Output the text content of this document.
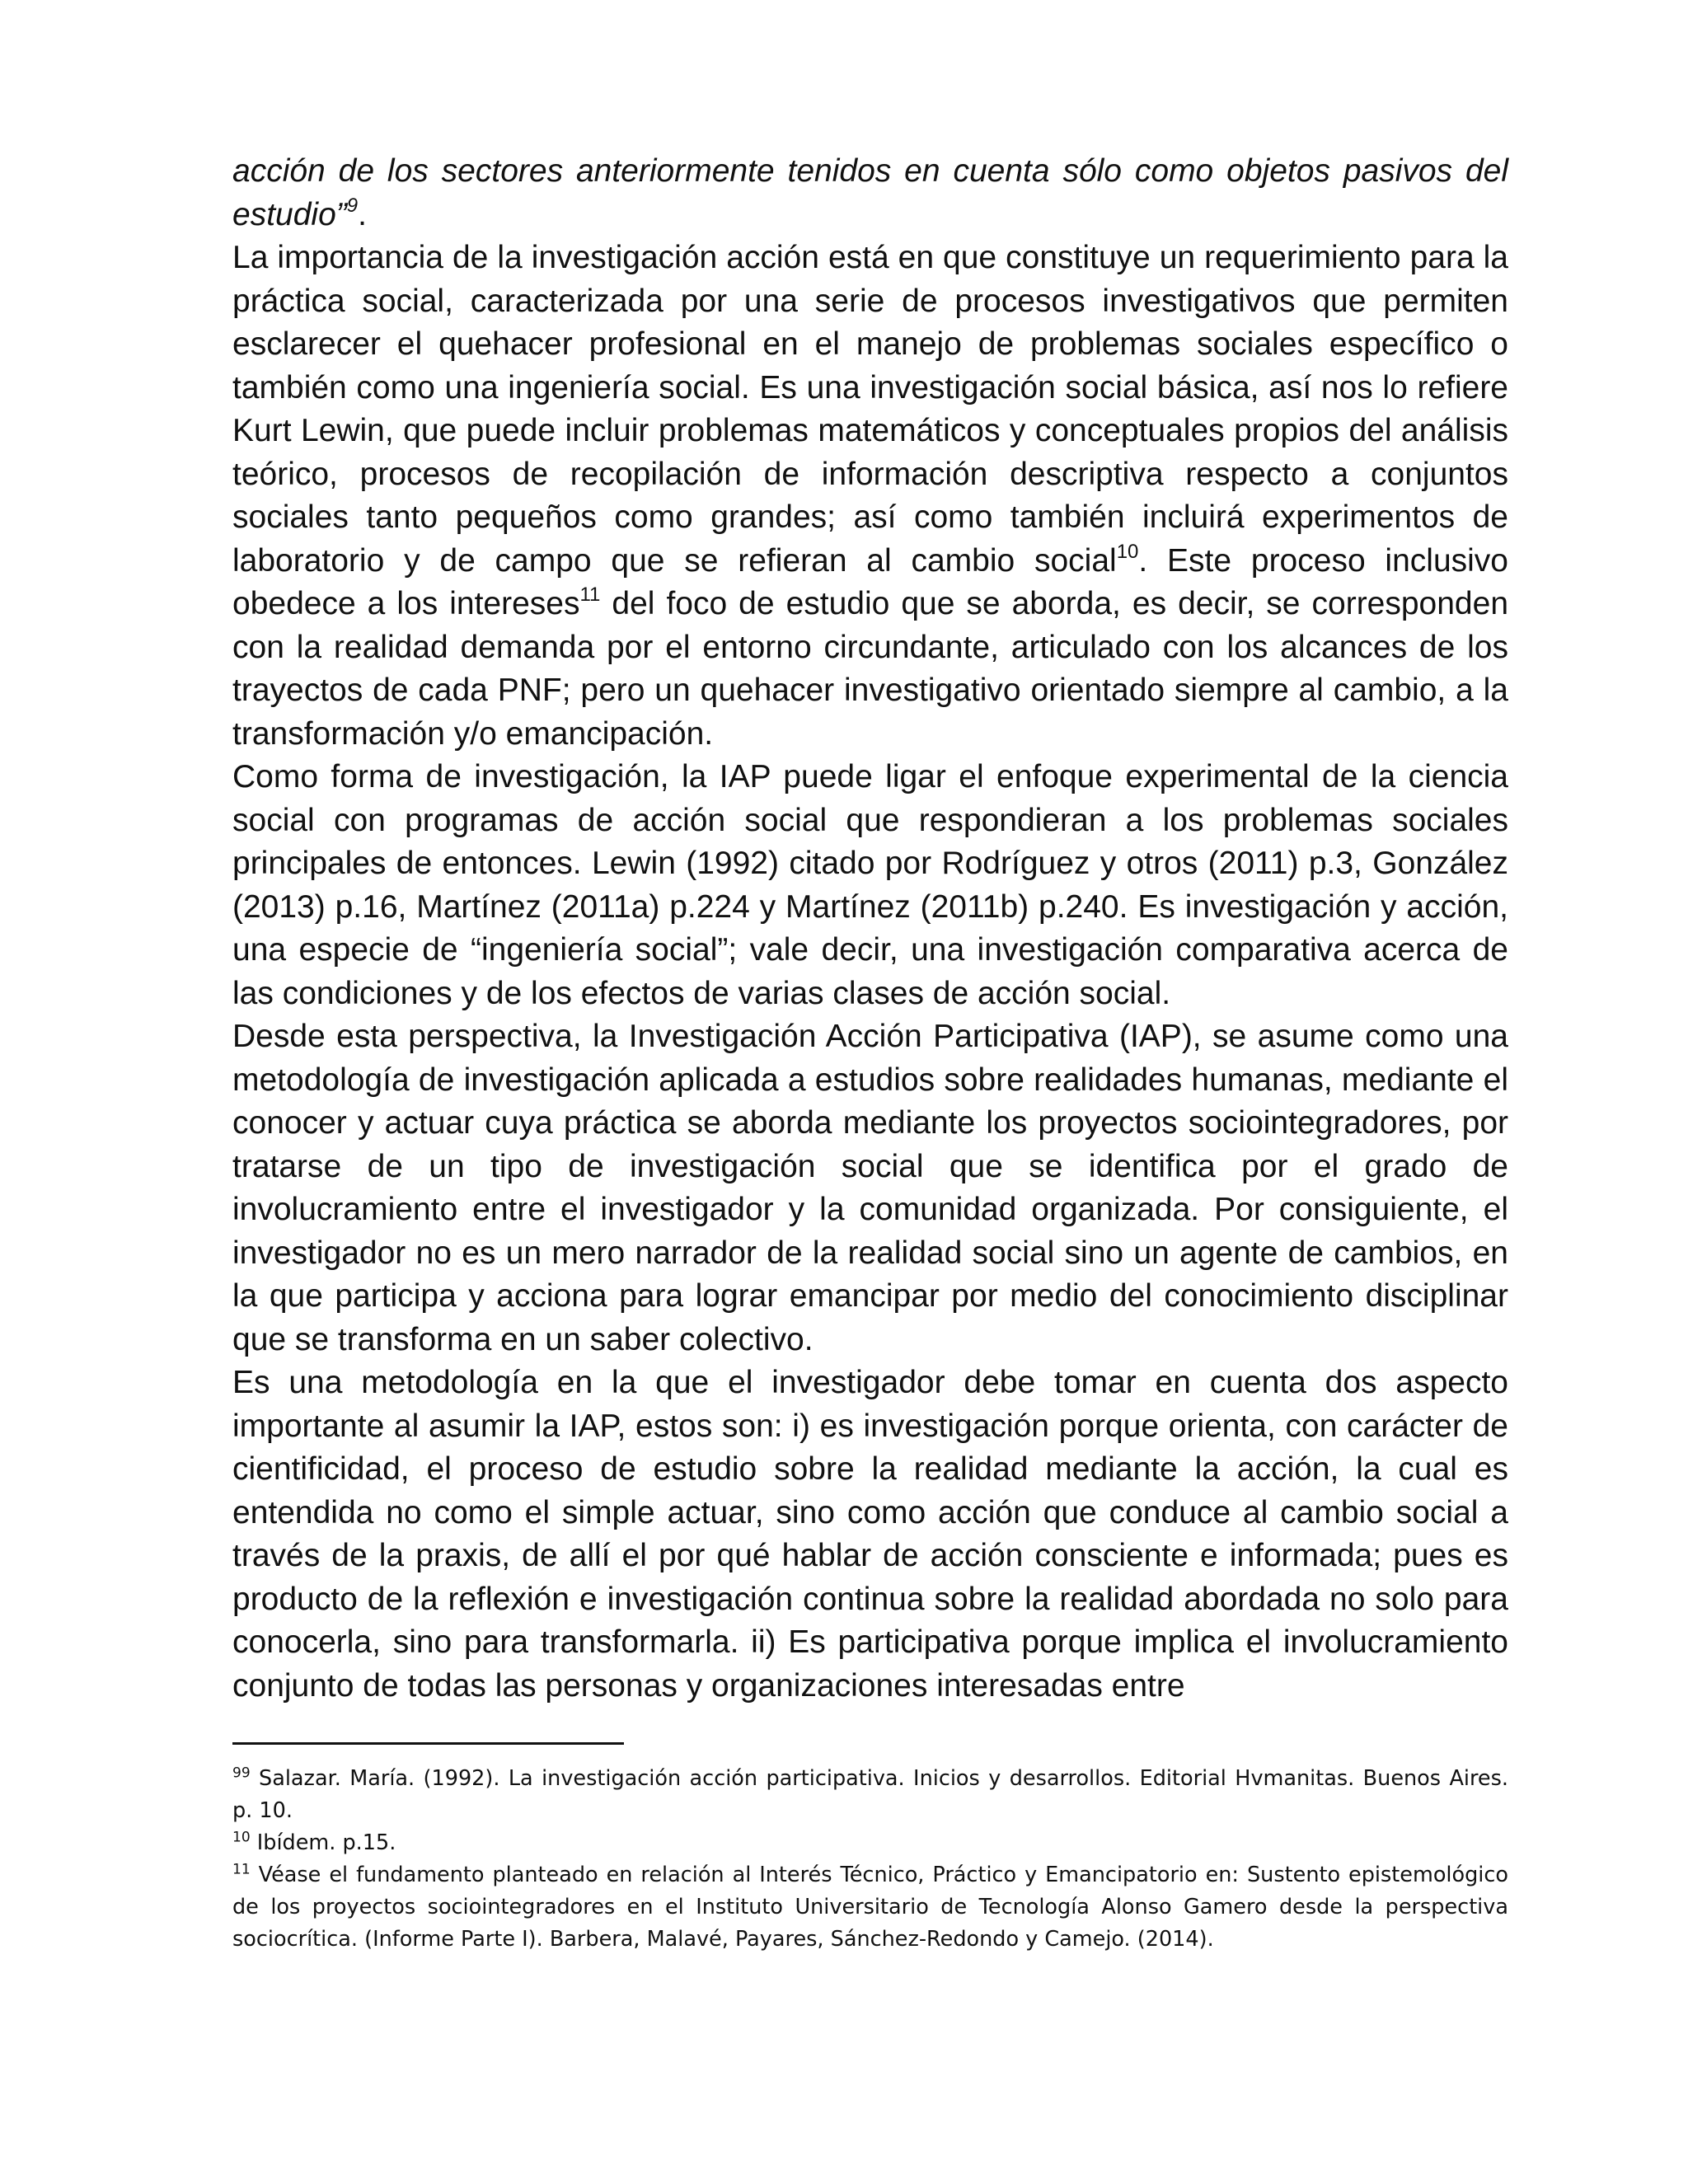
acción de los sectores anteriormente tenidos en cuenta sólo como objetos pasivos del estudio”$^9$.

La importancia de la investigación acción está en que constituye un requerimiento para la práctica social, caracterizada por una serie de procesos investigativos que permiten esclarecer el quehacer profesional en el manejo de problemas sociales específico o también como una ingeniería social. Es una investigación social básica, así nos lo refiere Kurt Lewin, que puede incluir problemas matemáticos y conceptuales propios del análisis teórico, procesos de recopilación de información descriptiva respecto a conjuntos sociales tanto pequeños como grandes; así como también incluirá experimentos de laboratorio y de campo que se refieran al cambio social$^{10}$. Este proceso inclusivo obedece a los intereses$^{11}$ del foco de estudio que se aborda, es decir, se corresponden con la realidad demanda por el entorno circundante, articulado con los alcances de los trayectos de cada PNF; pero un quehacer investigativo orientado siempre al cambio, a la transformación y/o emancipación.

Como forma de investigación, la IAP puede ligar el enfoque experimental de la ciencia social con programas de acción social que respondieran a los problemas sociales principales de entonces. Lewin (1992) citado por Rodríguez y otros (2011) p.3, González (2013) p.16, Martínez (2011a) p.224 y Martínez (2011b) p.240. Es investigación y acción, una especie de “ingeniería social”; vale decir, una investigación comparativa acerca de las condiciones y de los efectos de varias clases de acción social.

Desde esta perspectiva, la Investigación Acción Participativa (IAP), se asume como una metodología de investigación aplicada a estudios sobre realidades humanas, mediante el conocer y actuar cuya práctica se aborda mediante los proyectos sociointegradores, por tratarse de un tipo de investigación social que se identifica por el grado de involucramiento entre el investigador y la comunidad organizada. Por consiguiente, el investigador no es un mero narrador de la realidad social sino un agente de cambios, en la que participa y acciona para lograr emancipar por medio del conocimiento disciplinar que se transforma en un saber colectivo.

Es una metodología en la que el investigador debe tomar en cuenta dos aspecto importante al asumir la IAP, estos son: i) es investigación porque orienta, con carácter de cientificidad, el proceso de estudio sobre la realidad mediante la acción, la cual es entendida no como el simple actuar, sino como acción que conduce al cambio social a través de la praxis, de allí el por qué hablar de acción consciente e informada; pues es producto de la reflexión e investigación continua sobre la realidad abordada no solo para conocerla, sino para transformarla. ii) Es participativa porque implica el involucramiento conjunto de todas las personas y organizaciones interesadas entre

$^{99}$ Salazar. María. (1992). La investigación acción participativa. Inicios y desarrollos. Editorial Hvmanitas. Buenos Aires. p. 10.

$^{10}$ Ibídem. p.15.

$^{11}$ Véase el fundamento planteado en relación al Interés Técnico, Práctico y Emancipatorio en: Sustento epistemológico de los proyectos sociointegradores en el Instituto Universitario de Tecnología Alonso Gamero desde la perspectiva sociocrítica. (Informe Parte I). Barbera, Malavé, Payares, Sánchez-Redondo y Camejo. (2014).
